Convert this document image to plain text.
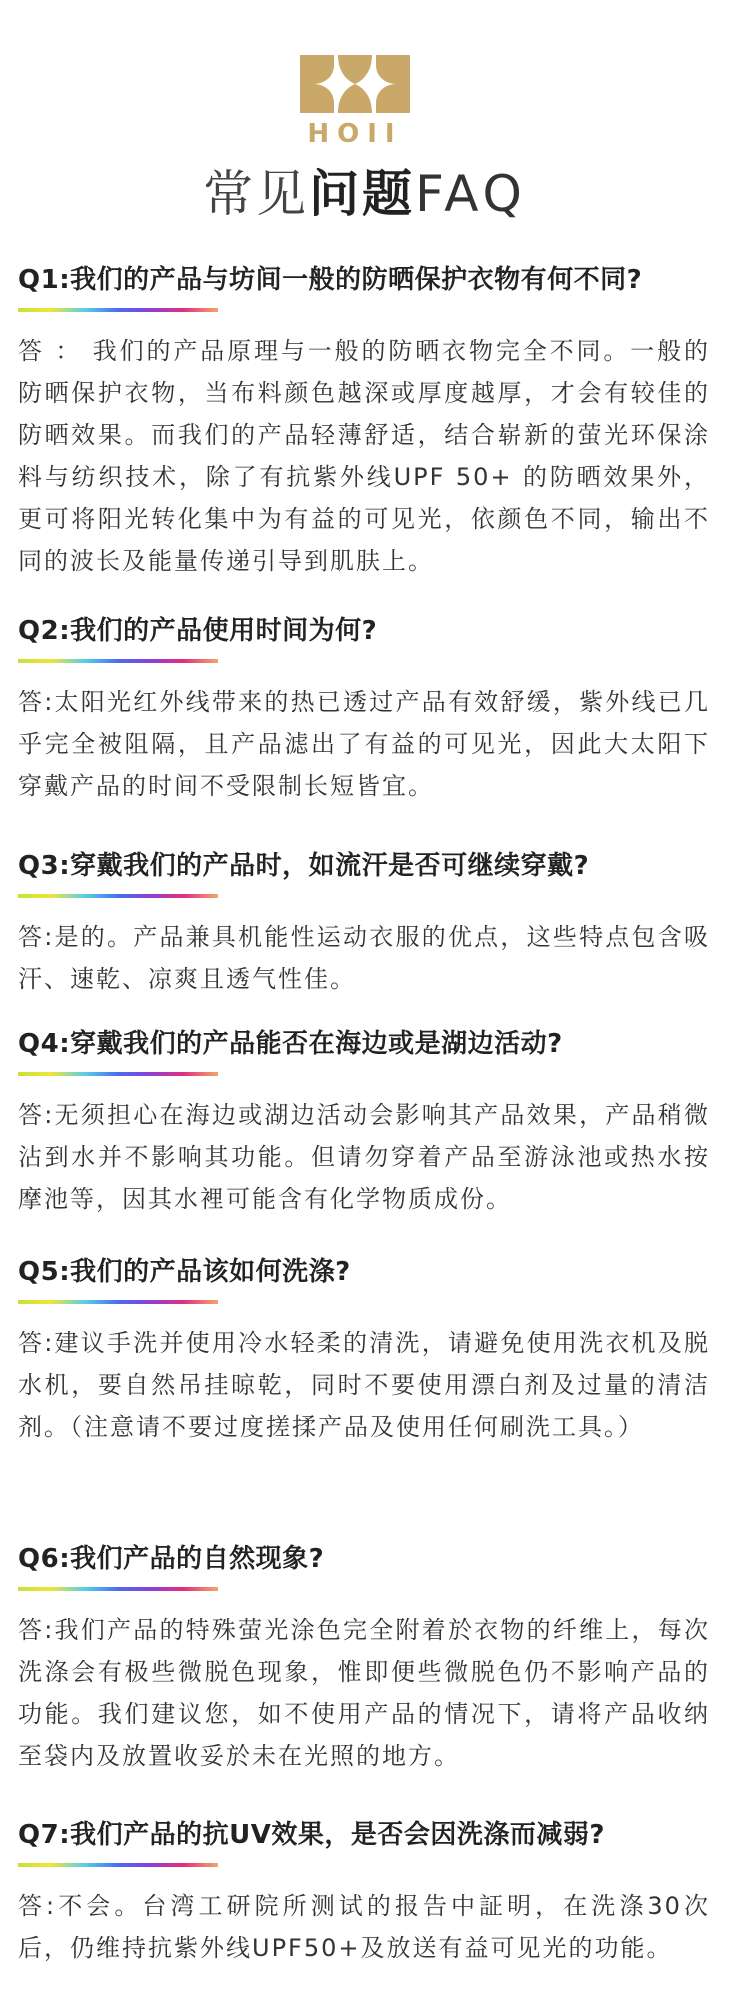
HOII
常见问题FAQ
Q1:我们的产品与坊间一般的防晒保护衣物有何不同?
答 ： 我们的产品原理与一般的防晒衣物完全不同。一般的防晒保护衣物，当布料颜色越深或厚度越厚，才会有较佳的防晒效果。而我们的产品轻薄舒适，结合崭新的萤光环保涂料与纺织技术，除了有抗紫外线UPF 50+ 的防晒效果外，更可将阳光转化集中为有益的可见光，依颜色不同，输出不同的波长及能量传递引导到肌肤上。
Q2:我们的产品使用时间为何?
答:太阳光红外线带来的热已透过产品有效舒缓，紫外线已几乎完全被阻隔，且产品滤出了有益的可见光，因此大太阳下穿戴产品的时间不受限制长短皆宜。
Q3:穿戴我们的产品时，如流汗是否可继续穿戴?
答:是的。产品兼具机能性运动衣服的优点，这些特点包含吸汗、速乾、凉爽且透气性佳。
Q4:穿戴我们的产品能否在海边或是湖边活动?
答:无须担心在海边或湖边活动会影响其产品效果，产品稍微沾到水并不影响其功能。但请勿穿着产品至游泳池或热水按摩池等，因其水裡可能含有化学物质成份。
Q5:我们的产品该如何洗涤?
答:建议手洗并使用冷水轻柔的清洗，请避免使用洗衣机及脱水机，要自然吊挂晾乾，同时不要使用漂白剂及过量的清洁剂。（注意请不要过度搓揉产品及使用任何刷洗工具。）
Q6:我们产品的自然现象?
答:我们产品的特殊萤光涂色完全附着於衣物的纤维上，每次洗涤会有极些微脱色现象，惟即便些微脱色仍不影响产品的功能。我们建议您，如不使用产品的情况下，请将产品收纳至袋内及放置收妥於未在光照的地方。
Q7:我们产品的抗UV效果，是否会因洗涤而减弱?
答:不会。台湾工研院所测试的报告中証明，在洗涤30次后，仍维持抗紫外线UPF50+及放送有益可见光的功能。
